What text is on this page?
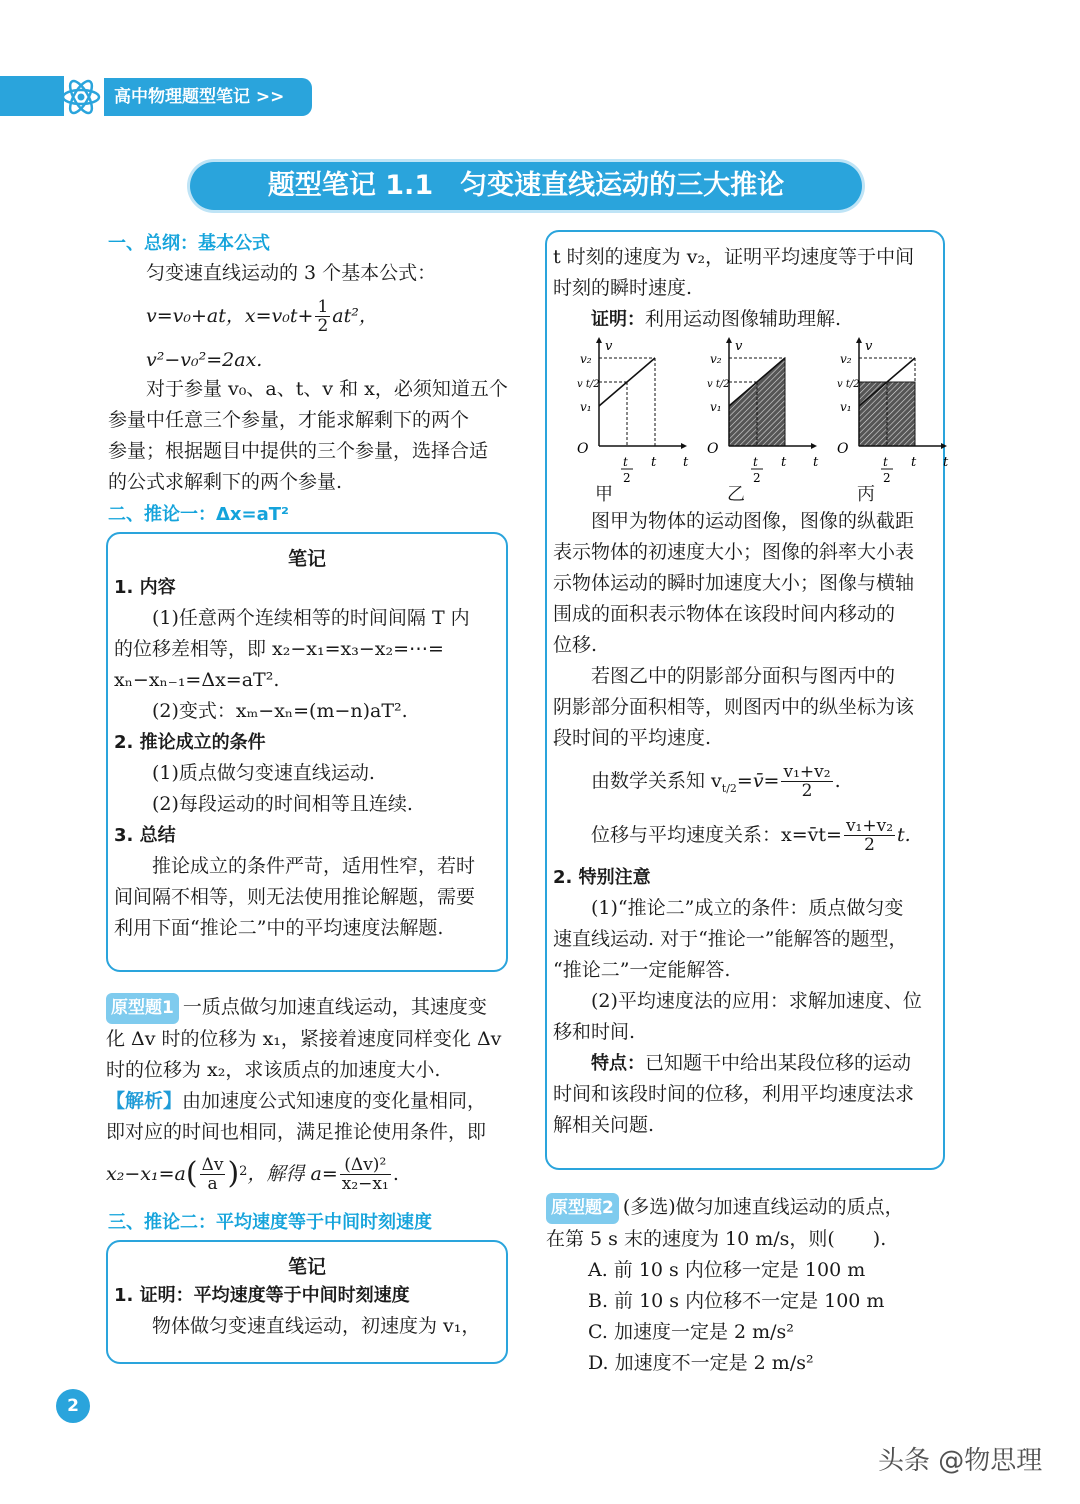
高中物理题型笔记 >>
题型笔记 1.1　匀变速直线运动的三大推论
一、总纲：基本公式
匀变速直线运动的 3 个基本公式：
v=v₀+at，$x=v_0t+ \frac{1}{2} at^2$，
v²−v₀²=2ax.
对于参量 v₀、a、t、v 和 x，必须知道五个
参量中任意三个参量，才能求解剩下的两个
参量；根据题目中提供的三个参量，选择合适
的公式求解剩下的两个参量.
二、推论一：Δx=aT²
笔记
1. 内容
(1)任意两个连续相等的时间间隔 T 内
的位移差相等，即 x₂−x₁=x₃−x₂=⋯=
xₙ−xₙ₋₁=Δx=aT².
(2)变式：xₘ−xₙ=(m−n)aT².
2. 推论成立的条件
(1)质点做匀变速直线运动.
(2)每段运动的时间相等且连续.
3. 总结
推论成立的条件严苛，适用性窄，若时
间间隔不相等，则无法使用推论解题，需要
利用下面“推论二”中的平均速度法解题.
原型题1 一质点做匀加速直线运动，其速度变
化 Δv 时的位移为 x₁，紧接着速度同样变化 Δv
时的位移为 x₂，求该质点的加速度大小.
【解析】由加速度公式知速度的变化量相同，
即对应的时间也相同，满足推论使用条件，即
x₂−x₁=a ( $\frac{\Delta v}{a}$ ) 2 ，解得 $a= \frac{\text{(Δv)²}}{\text{x₂−x₁}}$ .
三、推论二：平均速度等于中间时刻速度
笔记
1. 证明：平均速度等于中间时刻速度
物体做匀变速直线运动，初速度为 v₁，
t 时刻的速度为 v₂，证明平均速度等于中间
时刻的瞬时速度.
证明：利用运动图像辅助理解.
v₂
v t/2
v₁
v
O
t
2
t t
v₂
v t/2
v₁
v
O
t
2
t t
v₂
v t/2
v₁
v
O
t
2
t t
甲	乙	丙
图甲为物体的运动图像，图像的纵截距
表示物体的初速度大小；图像的斜率大小表
示物体运动的瞬时加速度大小；图像与横轴
围成的面积表示物体在该段时间内移动的
位移.
若图乙中的阴影部分面积与图丙中的
阴影部分面积相等，则图丙中的纵坐标为该
段时间的平均速度.
由数学关系知 $v_{t/2}$ =v̄= $\frac{\text{v₁+v₂}}{2}$ .
位移与平均速度关系：x=v̄t= $\frac{\text{v₁+v₂}}{2} t$.
2. 特别注意
(1)“推论二”成立的条件：质点做匀变
速直线运动. 对于“推论一”能解答的题型，
“推论二”一定能解答.
(2)平均速度法的应用：求解加速度、位
移和时间.
特点：已知题干中给出某段位移的运动
时间和该段时间的位移，利用平均速度法求
解相关问题.
原型题2 (多选)做匀加速直线运动的质点，
在第 5 s 末的速度为 10 m/s，则(　　).
A. 前 10 s 内位移一定是 100 m
B. 前 10 s 内位移不一定是 100 m
C. 加速度一定是 2 m/s²
D. 加速度不一定是 2 m/s²
2
头条 @物思理
